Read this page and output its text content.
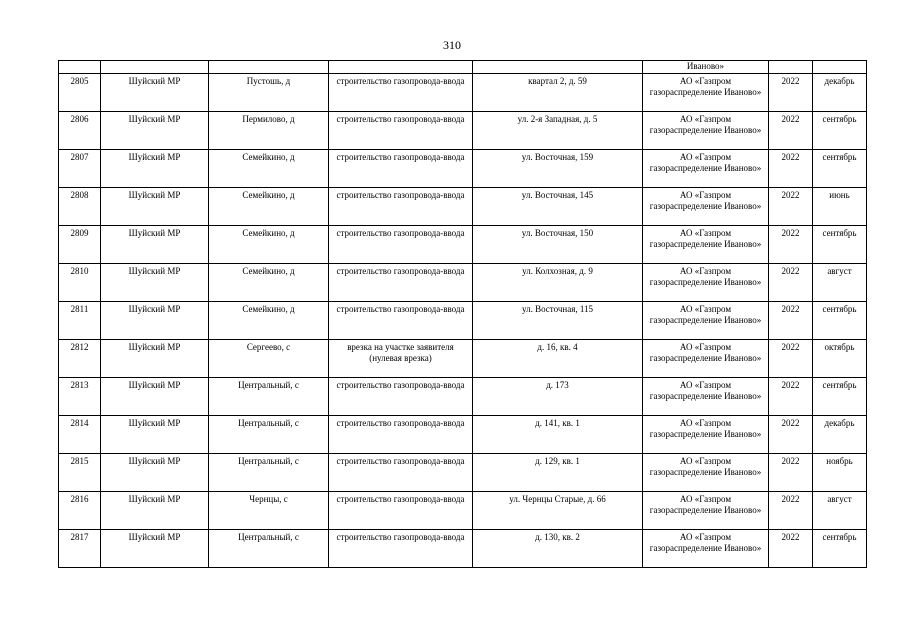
310
					Иваново»		
2805	Шуйский МР	Пустошь, д	строительство газопровода-ввода	квартал 2, д. 59	АО «Газпром газораспределение Иваново»	2022	декабрь
2806	Шуйский МР	Пермилово, д	строительство газопровода-ввода	ул. 2-я Западная, д. 5	АО «Газпром газораспределение Иваново»	2022	сентябрь
2807	Шуйский МР	Семейкино, д	строительство газопровода-ввода	ул. Восточная, 159	АО «Газпром газораспределение Иваново»	2022	сентябрь
2808	Шуйский МР	Семейкино, д	строительство газопровода-ввода	ул. Восточная, 145	АО «Газпром газораспределение Иваново»	2022	июнь
2809	Шуйский МР	Семейкино, д	строительство газопровода-ввода	ул. Восточная, 150	АО «Газпром газораспределение Иваново»	2022	сентябрь
2810	Шуйский МР	Семейкино, д	строительство газопровода-ввода	ул. Колхозная, д. 9	АО «Газпром газораспределение Иваново»	2022	август
2811	Шуйский МР	Семейкино, д	строительство газопровода-ввода	ул. Восточная, 115	АО «Газпром газораспределение Иваново»	2022	сентябрь
2812	Шуйский МР	Сергеево, с	врезка на участке заявителя (нулевая врезка)	д. 16, кв. 4	АО «Газпром газораспределение Иваново»	2022	октябрь
2813	Шуйский МР	Центральный, с	строительство газопровода-ввода	д. 173	АО «Газпром газораспределение Иваново»	2022	сентябрь
2814	Шуйский МР	Центральный, с	строительство газопровода-ввода	д. 141, кв. 1	АО «Газпром газораспределение Иваново»	2022	декабрь
2815	Шуйский МР	Центральный, с	строительство газопровода-ввода	д. 129, кв. 1	АО «Газпром газораспределение Иваново»	2022	ноябрь
2816	Шуйский МР	Чернцы, с	строительство газопровода-ввода	ул. Чернцы Старые, д. 66	АО «Газпром газораспределение Иваново»	2022	август
2817	Шуйский МР	Центральный, с	строительство газопровода-ввода	д. 130, кв. 2	АО «Газпром газораспределение Иваново»	2022	сентябрь
